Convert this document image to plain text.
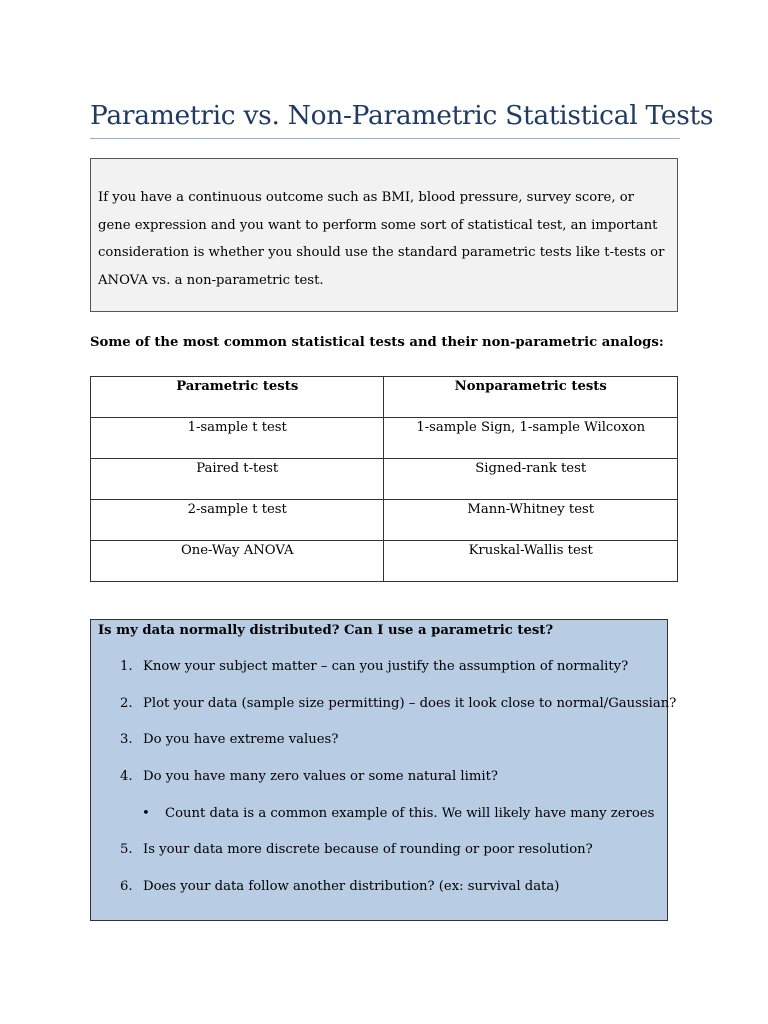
Parametric vs. Non-Parametric Statistical Tests
If you have a continuous outcome such as BMI, blood pressure, survey score, or gene expression and you want to perform some sort of statistical test, an important consideration is whether you should use the standard parametric tests like t-tests or ANOVA vs. a non-parametric test.
Some of the most common statistical tests and their non-parametric analogs:
Parametric tests	Nonparametric tests
1-sample t test	1-sample Sign, 1-sample Wilcoxon
Paired t-test	Signed-rank test
2-sample t test	Mann-Whitney test
One-Way ANOVA	Kruskal-Wallis test
Is my data normally distributed? Can I use a parametric test?
1. Know your subject matter – can you justify the assumption of normality?
2. Plot your data (sample size permitting) – does it look close to normal/Gaussian?
3. Do you have extreme values?
4. Do you have many zero values or some natural limit?
• Count data is a common example of this. We will likely have many zeroes
5. Is your data more discrete because of rounding or poor resolution?
6. Does your data follow another distribution? (ex: survival data)
